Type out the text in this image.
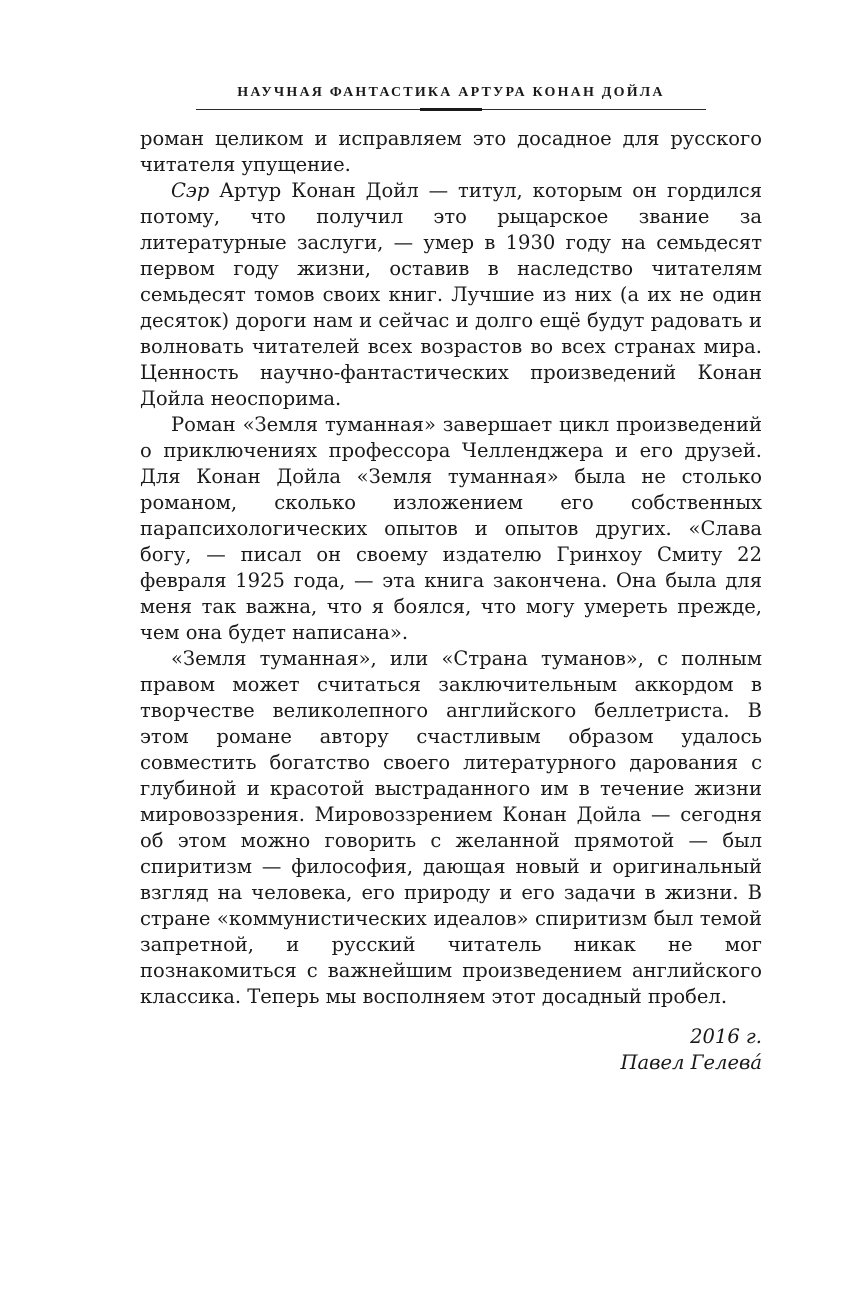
НАУЧНАЯ ФАНТАСТИКА АРТУРА КОНАН ДОЙЛА

роман целиком и исправляем это досадное для русского читателя упущение.

Сэр Артур Конан Дойл — титул, которым он гордился потому, что получил это рыцарское звание за литературные заслуги, — умер в 1930 году на семьдесят первом году жизни, оставив в наследство читателям семьдесят томов своих книг. Лучшие из них (а их не один десяток) дороги нам и сейчас и долго ещё будут радовать и волновать читателей всех возрастов во всех странах мира. Ценность научно-фантастических произведений Конан Дойла неоспорима.

Роман «Земля туманная» завершает цикл произведений о приключениях профессора Челленджера и его друзей. Для Конан Дойла «Земля туманная» была не столько романом, сколько изложением его собственных парапсихологических опытов и опытов других. «Слава богу, — писал он своему издателю Гринхоу Смиту 22 февраля 1925 года, — эта книга закончена. Она была для меня так важна, что я боялся, что могу умереть прежде, чем она будет написана».

«Земля туманная», или «Страна туманов», с полным правом может считаться заключительным аккордом в творчестве великолепного английского беллетриста. В этом романе автору счастливым образом удалось совместить богатство своего литературного дарования с глубиной и красотой выстраданного им в течение жизни мировоззрения. Мировоззрением Конан Дойла — сегодня об этом можно говорить с желанной прямотой — был спиритизм — философия, дающая новый и оригинальный взгляд на человека, его природу и его задачи в жизни. В стране «коммунистических идеалов» спиритизм был темой запретной, и русский читатель никак не мог познакомиться с важнейшим произведением английского классика. Теперь мы восполняем этот досадный пробел.

2016 г.
Павел Гелевá
